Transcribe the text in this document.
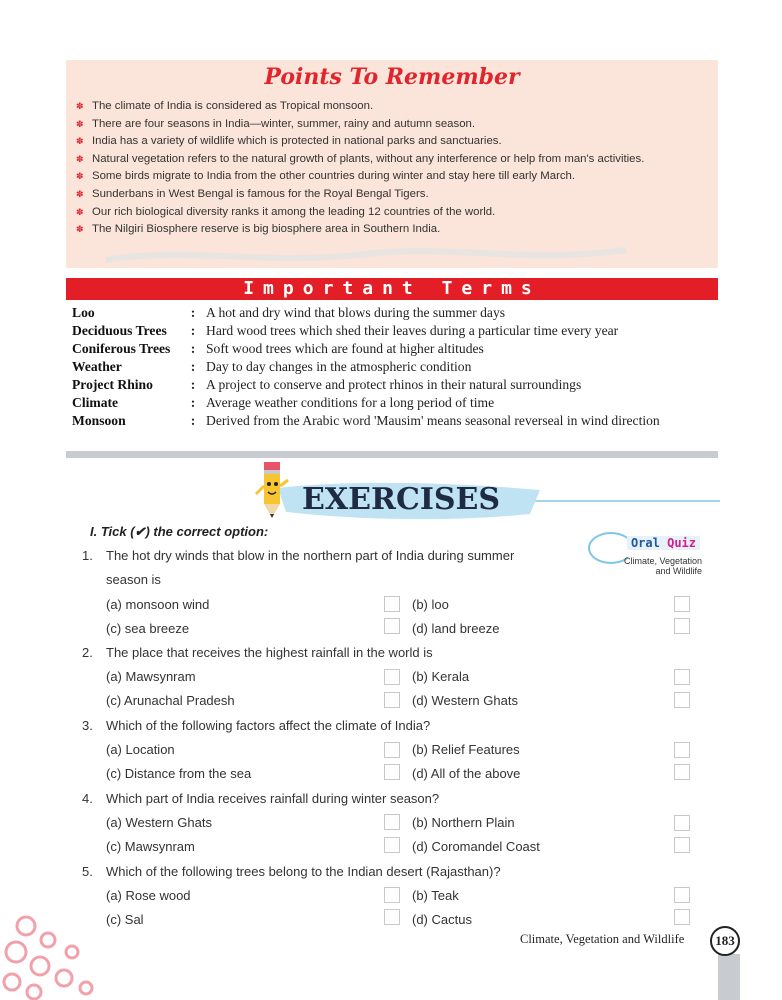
Points To Remember
✽ The climate of India is considered as Tropical monsoon.
✽ There are four seasons in India—winter, summer, rainy and autumn season.
✽ India has a variety of wildlife which is protected in national parks and sanctuaries.
✽ Natural vegetation refers to the natural growth of plants, without any interference or help from man's activities.
✽ Some birds migrate to India from the other countries during winter and stay here till early March.
✽ Sunderbans in West Bengal is famous for the Royal Bengal Tigers.
✽ Our rich biological diversity ranks it among the leading 12 countries of the world.
✽ The Nilgiri Biosphere reserve is big biosphere area in Southern India.
Important Terms
Loo	: A hot and dry wind that blows during the summer days
Deciduous Trees	: Hard wood trees which shed their leaves during a particular time every year
Coniferous Trees	: Soft wood trees which are found at higher altitudes
Weather	: Day to day changes in the atmospheric condition
Project Rhino	: A project to conserve and protect rhinos in their natural surroundings
Climate	: Average weather conditions for a long period of time
Monsoon	: Derived from the Arabic word 'Mausim' means seasonal reverseal in wind direction
EXERCISES
Oral Quiz
Climate, Vegetation
and Wildlife
I. Tick (✔) the correct option:
1. The hot dry winds that blow in the northern part of India during summer
season is
(a) monsoon wind	(b) loo
(c) sea breeze	(d) land breeze
2. The place that receives the highest rainfall in the world is
(a) Mawsynram	(b) Kerala
(c) Arunachal Pradesh	(d) Western Ghats
3. Which of the following factors affect the climate of India?
(a) Location	(b) Relief Features
(c) Distance from the sea	(d) All of the above
4. Which part of India receives rainfall during winter season?
(a) Western Ghats	(b) Northern Plain
(c) Mawsynram	(d) Coromandel Coast
5. Which of the following trees belong to the Indian desert (Rajasthan)?
(a) Rose wood	(b) Teak
(c) Sal	(d) Cactus
Climate, Vegetation and Wildlife	183
